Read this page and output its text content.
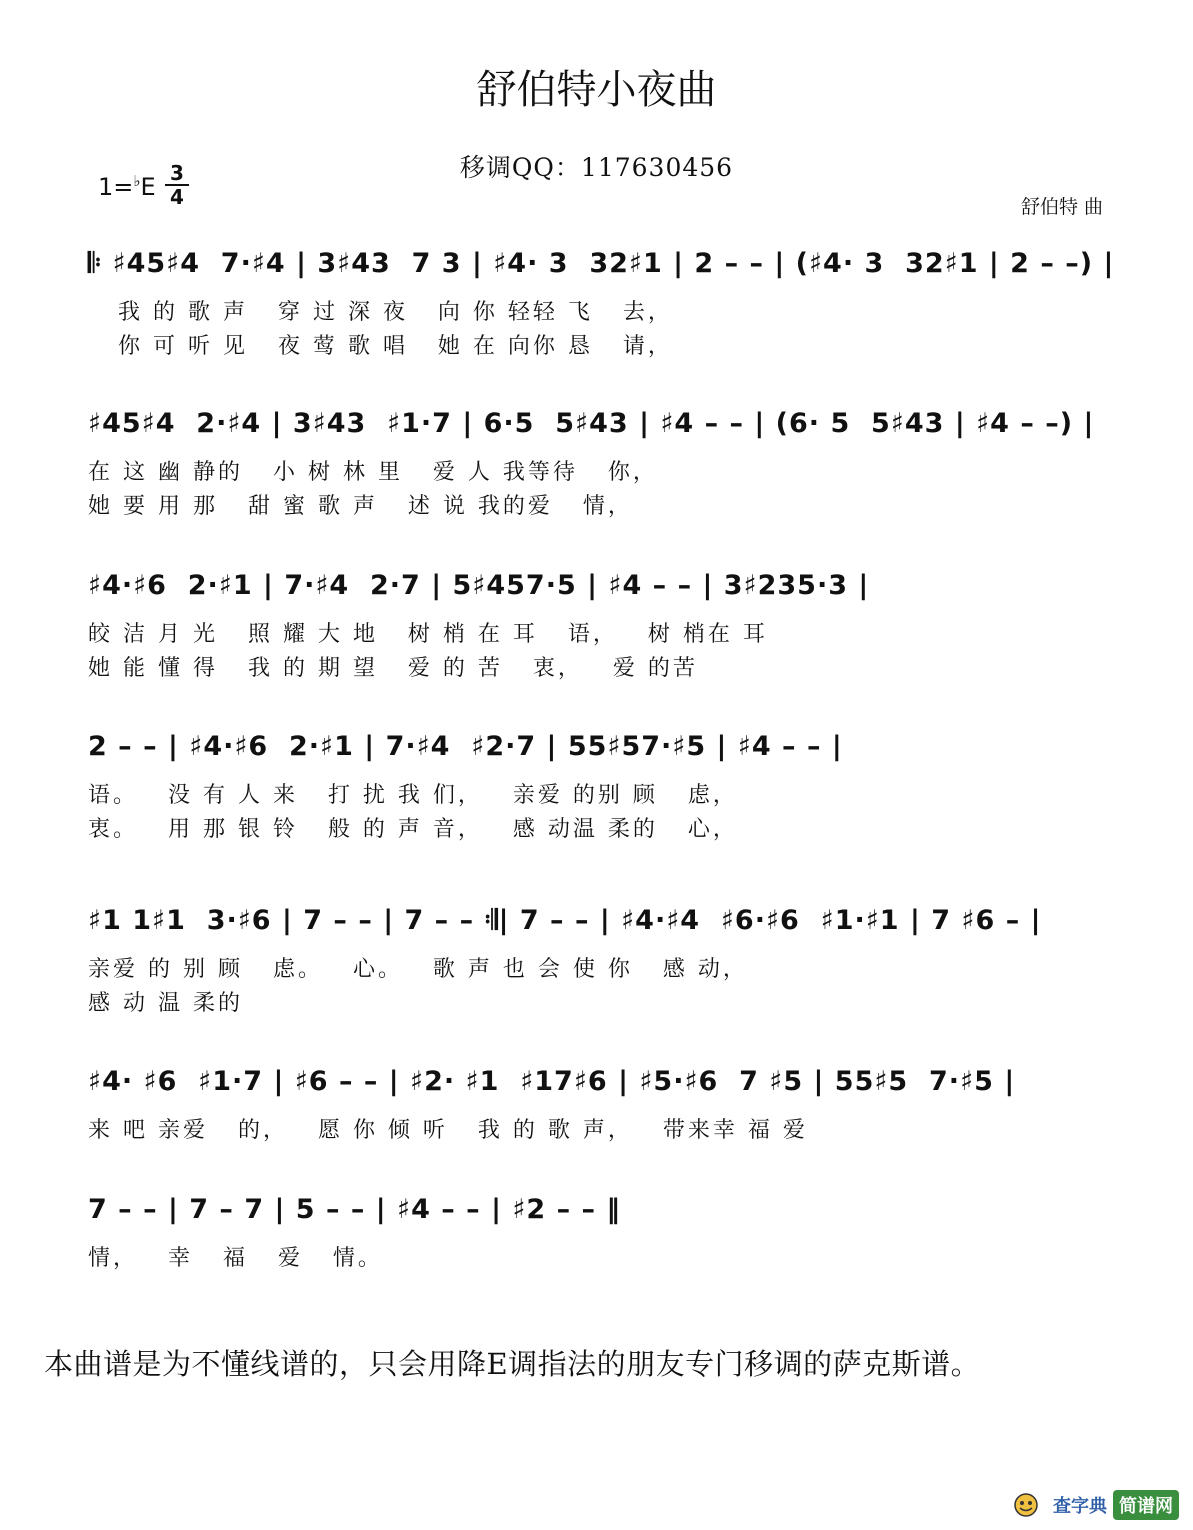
舒伯特小夜曲
移调QQ：117630456
1=♭E 3
4	舒伯特 曲
𝄆 ♯45♯4  7·♯4 | 3♯43  7 3 | ♯4· 3  32♯1 | 2 – – | (♯4· 3  32♯1 | 2 – –) |
我 的 歌 声   穿 过 深 夜   向 你 轻轻 飞   去，
你 可 听 见   夜 莺 歌 唱   她 在 向你 恳   请，
♯45♯4  2·♯4 | 3♯43  ♯1·7 | 6·5  5♯43 | ♯4 – – | (6· 5  5♯43 | ♯4 – –) |
在 这 幽 静的   小 树 林 里   爱 人 我等待   你，
她 要 用 那   甜 蜜 歌 声   述 说 我的爱   情，
♯4·♯6  2·♯1 | 7·♯4  2·7 | 5♯457·5 | ♯4 – – | 3♯235·3 |
皎 洁 月 光   照 耀 大 地   树 梢 在 耳   语，   树 梢在 耳
她 能 懂 得   我 的 期 望   爱 的 苦   衷，   爱 的苦
2 – – | ♯4·♯6  2·♯1 | 7·♯4  ♯2·7 | 55♯57·♯5 | ♯4 – – |
语。   没 有 人 来   打 扰 我 们，   亲爱 的别 顾   虑，
衷。   用 那 银 铃   般 的 声 音，   感 动温 柔的   心，
♯1 1♯1  3·♯6 | 7 – – | 7 – – 𝄇| 7 – – | ♯4·♯4  ♯6·♯6  ♯1·♯1 | 7 ♯6 – |
亲爱 的 别 顾   虑。   心。   歌 声 也 会 使 你   感 动，
感 动 温 柔的
♯4· ♯6  ♯1·7 | ♯6 – – | ♯2· ♯1  ♯17♯6 | ♯5·♯6  7 ♯5 | 55♯5  7·♯5 |
来 吧 亲爱   的，   愿 你 倾 听   我 的 歌 声，   带来幸 福 爱
7 – – | 7 – 7 | 5 – – | ♯4 – – | ♯2 – – ‖
情，   幸   福   爱   情。
本曲谱是为不懂线谱的，只会用降E调指法的朋友专门移调的萨克斯谱。
查字典 简谱网
